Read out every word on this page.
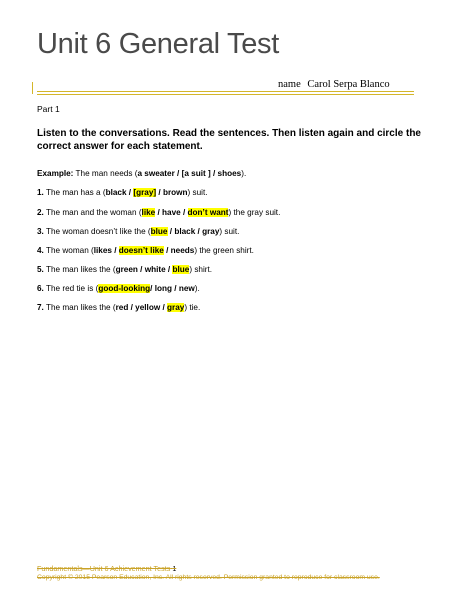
Unit 6 General Test
name Carol Serpa Blanco
Part 1
Listen to the conversations. Read the sentences. Then listen again and circle the correct answer for each statement.
Example: The man needs (a sweater / [a suit ] / shoes).
1. The man has a (black / [gray] / brown) suit.
2. The man and the woman (like / have / don’t want) the gray suit.
3. The woman doesn’t like the (blue / black / gray) suit.
4. The woman (likes / doesn’t like / needs) the green shirt.
5. The man likes the (green / white / blue) shirt.
6. The red tie is (good-looking/ long / new).
7. The man likes the (red / yellow / gray) tie.
Fundamentals—Unit 6 Achievement Tests 1
Copyright © 2015 Pearson Education, Inc. All rights reserved. Permission granted to reproduce for classroom use.
